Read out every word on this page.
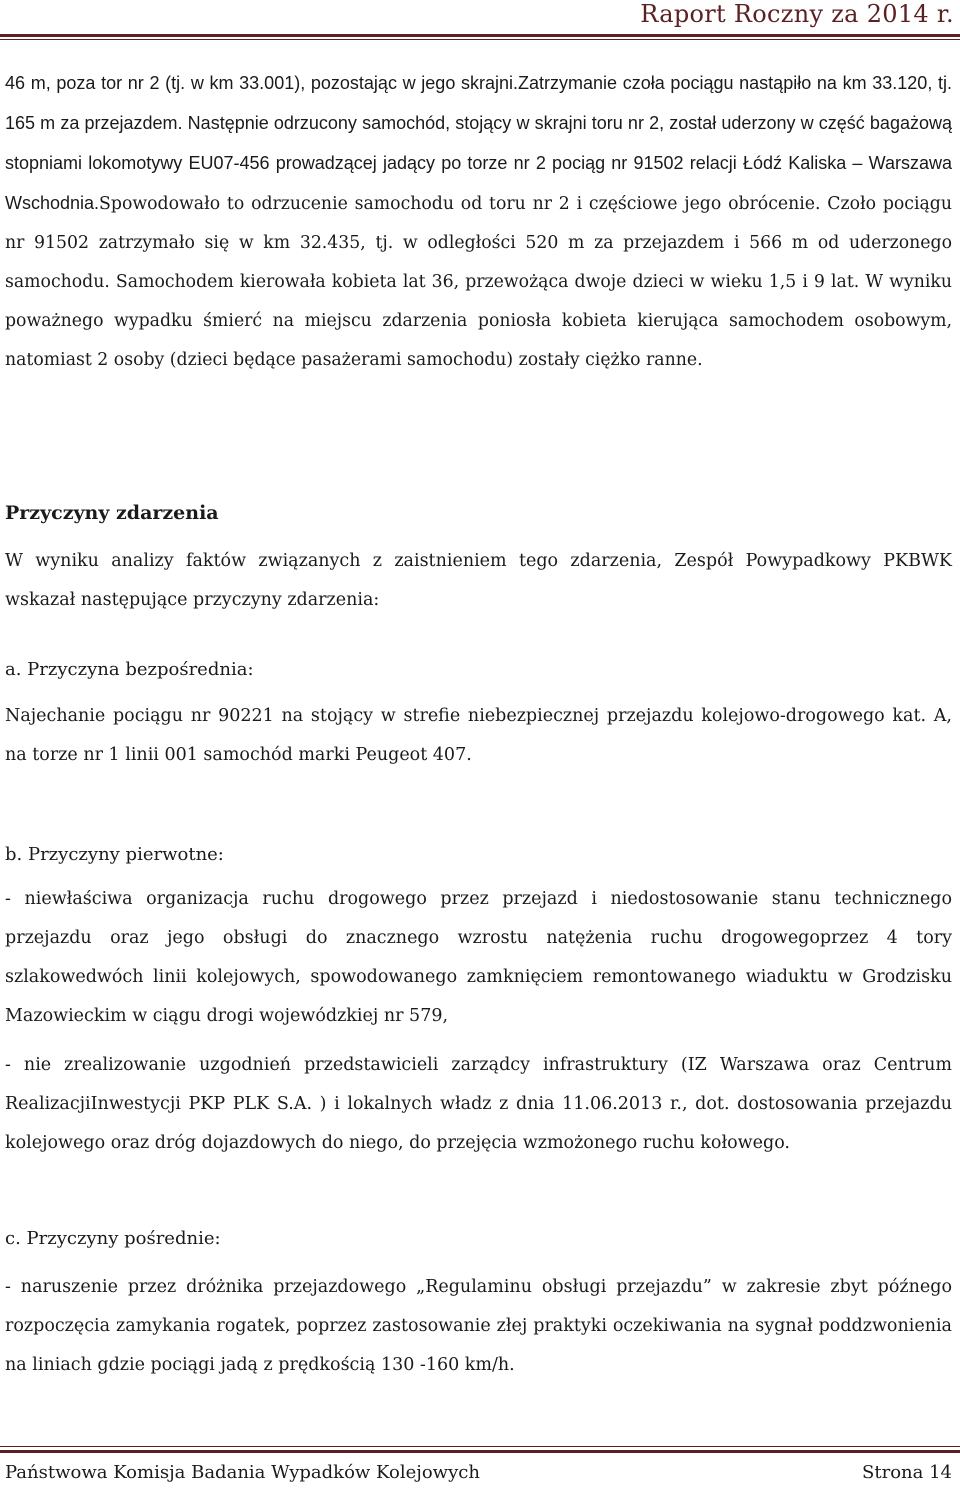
Raport Roczny za 2014 r.
46 m, poza tor nr 2 (tj. w km 33.001), pozostając w jego skrajni.Zatrzymanie czoła pociągu nastąpiło na km 33.120, tj. 165 m za przejazdem. Następnie odrzucony samochód, stojący w skrajni toru nr 2, został uderzony w część bagażową stopniami lokomotywy EU07-456 prowadzącej jadący po torze nr 2 pociąg nr 91502 relacji Łódź Kaliska – Warszawa Wschodnia.Spowodowało to odrzucenie samochodu od toru nr 2 i częściowe jego obrócenie. Czoło pociągu nr 91502 zatrzymało się w km 32.435, tj. w odległości 520 m za przejazdem i 566 m od uderzonego samochodu. Samochodem kierowała kobieta lat 36, przewożąca dwoje dzieci w wieku 1,5 i 9 lat. W wyniku poważnego wypadku śmierć na miejscu zdarzenia poniosła kobieta kierująca samochodem osobowym, natomiast 2 osoby (dzieci będące pasażerami samochodu) zostały ciężko ranne.
Przyczyny zdarzenia
W wyniku analizy faktów związanych z zaistnieniem tego zdarzenia, Zespół Powypadkowy PKBWK wskazał następujące przyczyny zdarzenia:
a. Przyczyna bezpośrednia:
Najechanie pociągu nr 90221 na stojący w strefie niebezpiecznej przejazdu kolejowo-drogowego kat. A, na torze nr 1 linii 001 samochód marki Peugeot 407.
b. Przyczyny pierwotne:
- niewłaściwa organizacja ruchu drogowego przez przejazd i niedostosowanie stanu technicznego przejazdu oraz jego obsługi do znacznego wzrostu natężenia ruchu drogowegoprzez 4 tory szlakowedwóch linii kolejowych, spowodowanego zamknięciem remontowanego wiaduktu w Grodzisku Mazowieckim w ciągu drogi wojewódzkiej nr 579,
- nie zrealizowanie uzgodnień przedstawicieli zarządcy infrastruktury (IZ Warszawa oraz Centrum RealizacjiInwestycji PKP PLK S.A. ) i lokalnych władz z dnia 11.06.2013 r., dot. dostosowania przejazdu kolejowego oraz dróg dojazdowych do niego, do przejęcia wzmożonego ruchu kołowego.
c. Przyczyny pośrednie:
- naruszenie przez dróżnika przejazdowego „Regulaminu obsługi przejazdu” w zakresie zbyt późnego rozpoczęcia zamykania rogatek, poprzez zastosowanie złej praktyki oczekiwania na sygnał poddzwonienia na liniach gdzie pociągi jadą z prędkością 130 -160 km/h.
Państwowa Komisja Badania Wypadków Kolejowych	Strona 14
